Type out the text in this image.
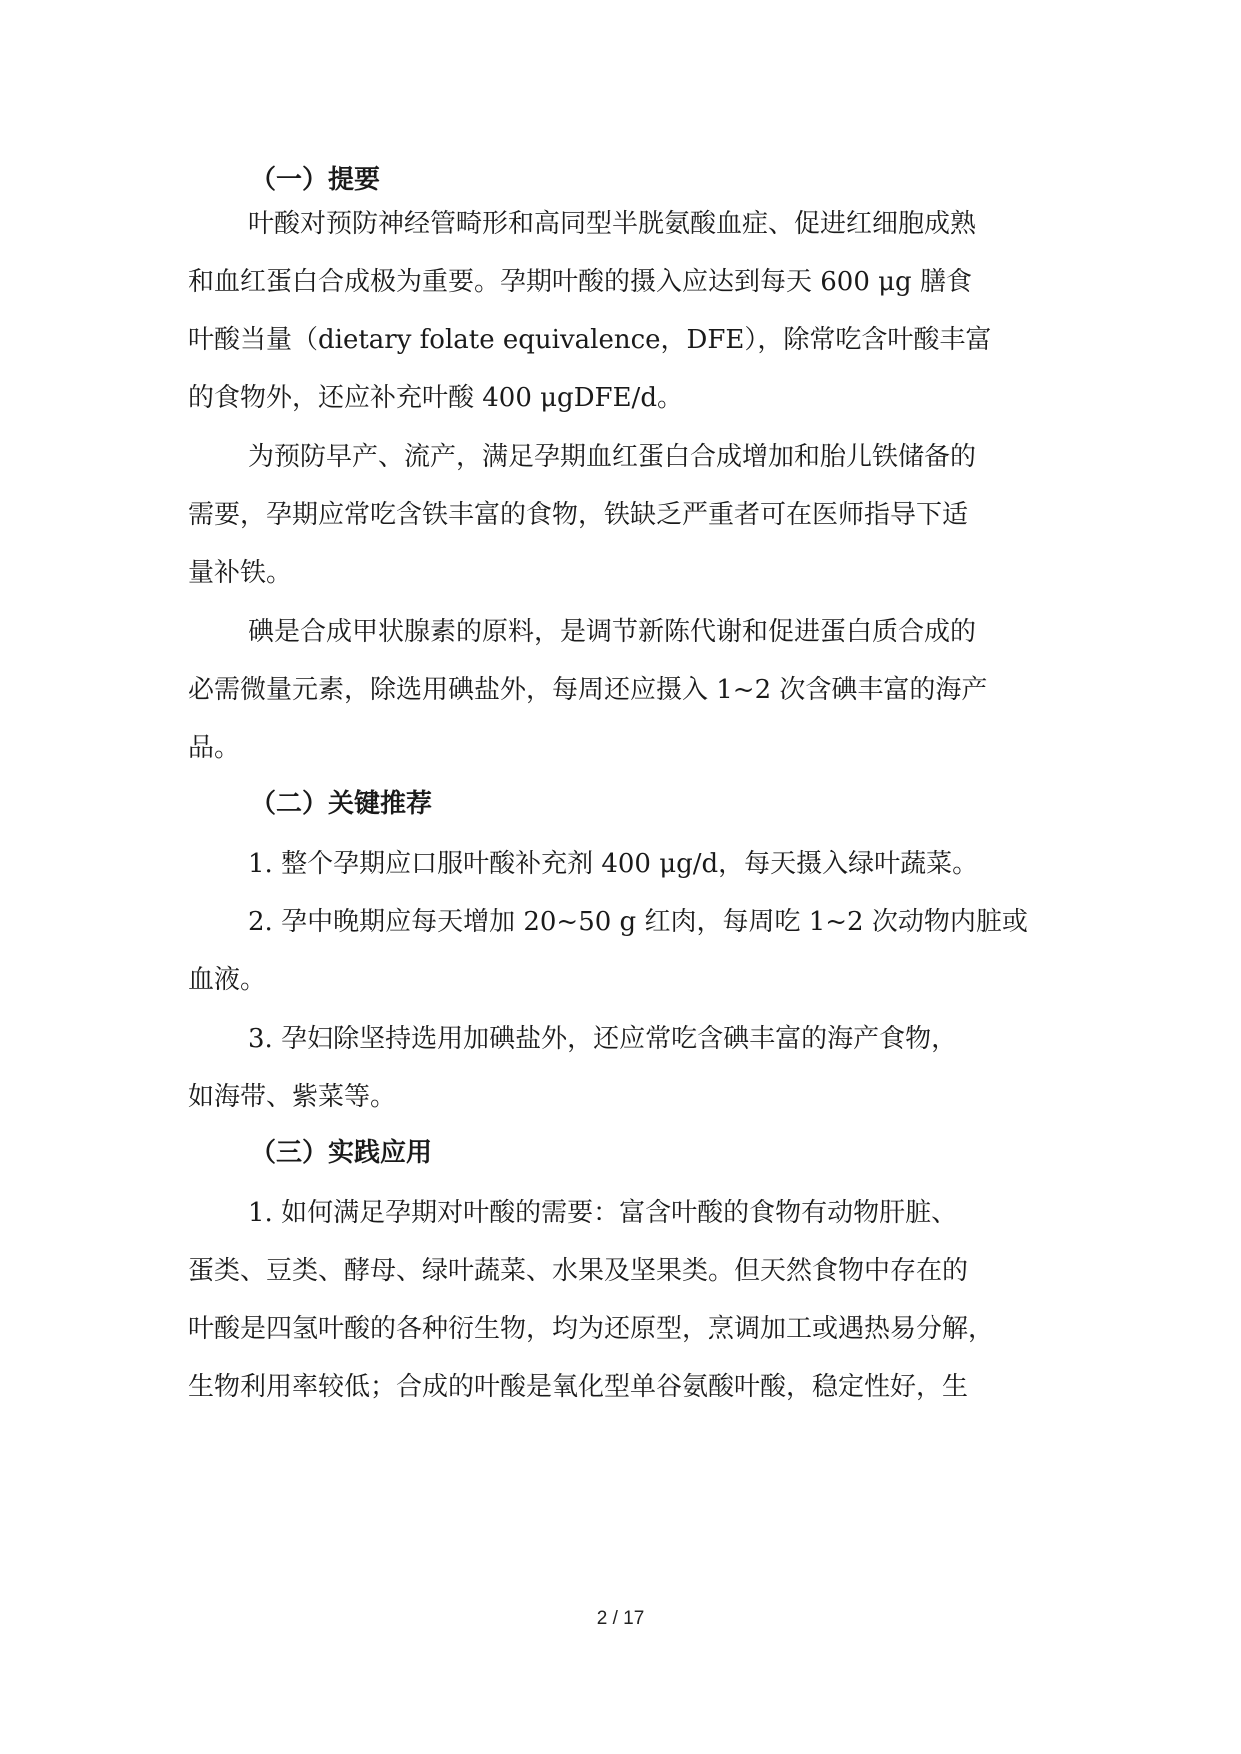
（一）提要
叶酸对预防神经管畸形和高同型半胱氨酸血症、促进红细胞成熟
和血红蛋白合成极为重要。孕期叶酸的摄入应达到每天 600 μg 膳食
叶酸当量（dietary folate equivalence，DFE），除常吃含叶酸丰富
的食物外，还应补充叶酸 400 μgDFE/d。
为预防早产、流产，满足孕期血红蛋白合成增加和胎儿铁储备的
需要，孕期应常吃含铁丰富的食物，铁缺乏严重者可在医师指导下适
量补铁。
碘是合成甲状腺素的原料，是调节新陈代谢和促进蛋白质合成的
必需微量元素，除选用碘盐外，每周还应摄入 1~2 次含碘丰富的海产
品。
（二）关键推荐
1. 整个孕期应口服叶酸补充剂 400 μg/d，每天摄入绿叶蔬菜。
2. 孕中晚期应每天增加 20~50 g 红肉，每周吃 1~2 次动物内脏或
血液。
3. 孕妇除坚持选用加碘盐外，还应常吃含碘丰富的海产食物，
如海带、紫菜等。
（三）实践应用
1. 如何满足孕期对叶酸的需要：富含叶酸的食物有动物肝脏、
蛋类、豆类、酵母、绿叶蔬菜、水果及坚果类。但天然食物中存在的
叶酸是四氢叶酸的各种衍生物，均为还原型，烹调加工或遇热易分解，
生物利用率较低；合成的叶酸是氧化型单谷氨酸叶酸，稳定性好，生
2 / 17
